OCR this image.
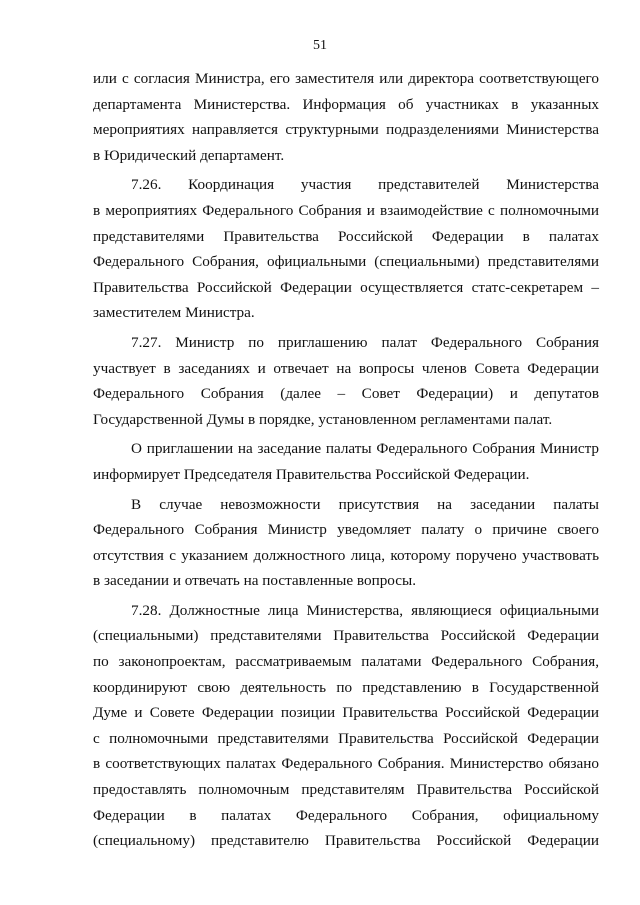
51
или с согласия Министра, его заместителя или директора соответствующего
департамента Министерства. Информация об участниках в указанных
мероприятиях направляется структурными подразделениями Министерства
в Юридический департамент.
7.26. Координация участия представителей Министерства
в мероприятиях Федерального Собрания и взаимодействие с полномочными
представителями Правительства Российской Федерации в палатах
Федерального Собрания, официальными (специальными) представителями
Правительства Российской Федерации осуществляется статс-секретарем –
заместителем Министра.
7.27. Министр по приглашению палат Федерального Собрания
участвует в заседаниях и отвечает на вопросы членов Совета Федерации
Федерального Собрания (далее – Совет Федерации) и депутатов
Государственной Думы в порядке, установленном регламентами палат.
О приглашении на заседание палаты Федерального Собрания Министр
информирует Председателя Правительства Российской Федерации.
В случае невозможности присутствия на заседании палаты
Федерального Собрания Министр уведомляет палату о причине своего
отсутствия с указанием должностного лица, которому поручено участвовать
в заседании и отвечать на поставленные вопросы.
7.28. Должностные лица Министерства, являющиеся официальными
(специальными) представителями Правительства Российской Федерации
по законопроектам, рассматриваемым палатами Федерального Собрания,
координируют свою деятельность по представлению в Государственной
Думе и Совете Федерации позиции Правительства Российской Федерации
с полномочными представителями Правительства Российской Федерации
в соответствующих палатах Федерального Собрания. Министерство обязано
предоставлять полномочным представителям Правительства Российской
Федерации в палатах Федерального Собрания, официальному
(специальному) представителю Правительства Российской Федерации
